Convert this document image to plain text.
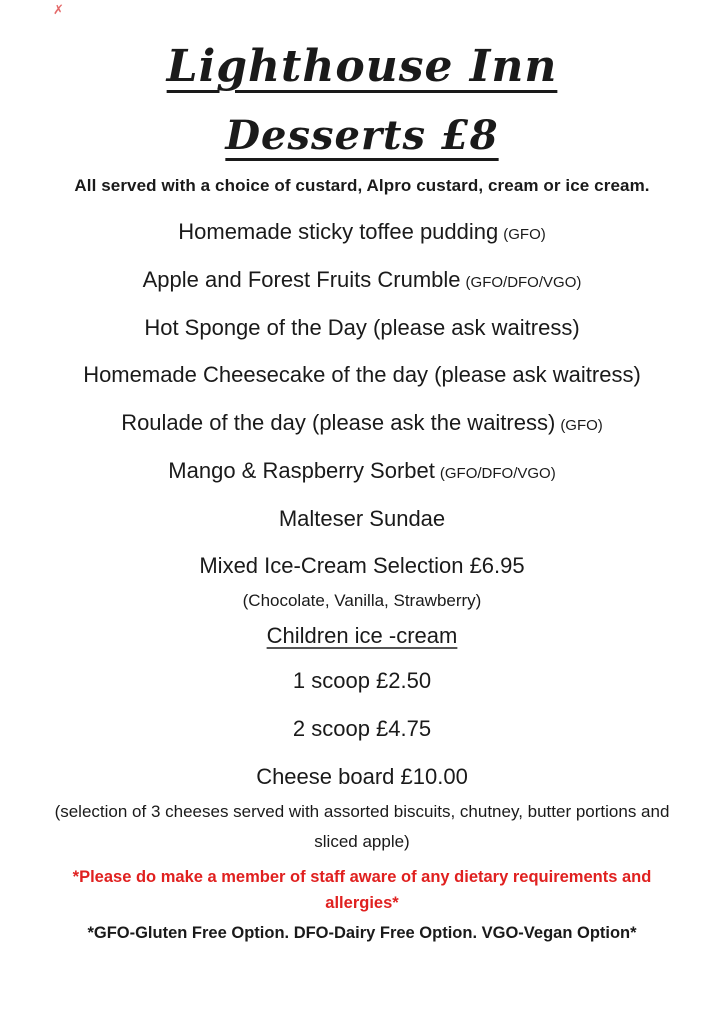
✗
Lighthouse Inn
Desserts £8
All served with a choice of custard, Alpro custard, cream or ice cream.
Homemade sticky toffee pudding (GFO)
Apple and Forest Fruits Crumble (GFO/DFO/VGO)
Hot Sponge of the Day (please ask waitress)
Homemade Cheesecake of the day (please ask waitress)
Roulade of the day (please ask the waitress) (GFO)
Mango & Raspberry Sorbet (GFO/DFO/VGO)
Malteser Sundae
Mixed Ice-Cream Selection £6.95
(Chocolate, Vanilla, Strawberry)
Children ice -cream
1 scoop £2.50
2 scoop £4.75
Cheese board £10.00
(selection of 3 cheeses served with assorted biscuits, chutney, butter portions and sliced apple)
*Please do make a member of staff aware of any dietary requirements and allergies*
*GFO-Gluten Free Option. DFO-Dairy Free Option. VGO-Vegan Option*
